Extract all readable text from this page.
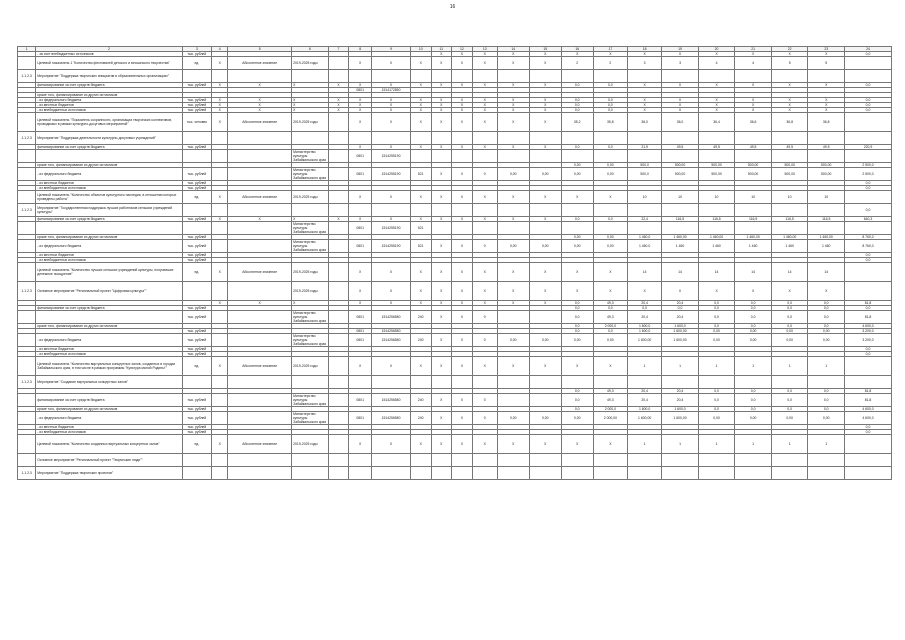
16
1	2	3	4	5	6	7	8	9	10	11	12	13	14	15	16	17	18	19	20	21	22	23	24
	- за счет внебюджетных источников	тыс. рублей								X	X	X	X	X	X	X	X	X	X	X	X	X	0,0
	Целевой показатель 1 "Количество фестивалей детского и юношеского творчества"	ед.	X	Абсолютное значение	2019-2025 годы		X	X	X	X	X	X	X	X	2	2	3	3	4	4	5	5	
1.1.2.3	Мероприятие "Поддержка творческих инициатив в образовательных организациях"																						
	финансирование за счет средств бюджета	тыс. рублей	X	X	X	X	X	X	X	X	X	X	X	X	0,0	0,0	X	X	X	X	X	X	0,0
							0801	1514172850															
	кроме того, финансирование из других источников																						
	- из федерального бюджета	тыс. рублей	X	X	X	X	X	X	X	X	X	X	X	X	0,0	0,0	X	X	X	X	X	X	0,0
	- из местных бюджетов	тыс. рублей	X	X	X	X	X	X	X	X	X	X	X	X	0,0	0,0	X	X	X	X	X	X	0,0
	- из внебюджетных источников	тыс. рублей	X	X	X	X	X	X	X	X	X	X	X	X	0,0	0,0	X	X	X	X	X	X	0,0
	Целевой показатель "Показатель сохранности, организации творческих коллективов, проводимых в рамках культурно-досуговых мероприятий"	тыс. человек	X	Абсолютное значение	2019-2025 годы		X	X	X	X	X	X	X	X	35,2	35,8	36,0	36,0	36,4	36,6	36,8	36,8	
1.1.2.3	Мероприятие "Поддержка деятельности культурно-досуговых учреждений"																						
	финансирование за счет средств бюджета	тыс. рублей					X	X	X	X	X	X	X	X	0,0	0,0	21,9	49,5	49,5	49,5	49,5	49,5	220,9
					Министерство культуры Забайкальского края		0801	1514255190															
	кроме того, финансирование из других источников														0,00	0,00	500,0	500,00	500,00	500,00	500,00	500,00	2 500,0
	- из федерального бюджета	тыс. рублей			Министерство культуры Забайкальского края		0801	1514255190	521	X	X	0	0,00	0,00	0,00	0,00	500,0	500,00	500,00	500,00	500,00	500,00	2 500,0
	- из местных бюджетов	тыс. рублей																					0,0
	- из внебюджетных источников	тыс. рублей																					0,0
	Целевой показатель "Количество объектов культурного наследия, в отношении которых проведены работы"	ед.	X	Абсолютное значение	2019-2025 годы		X	X	X	X	X	X	X	X	X	X	10	10	10	10	10	10	
1.1.2.3	Мероприятие "Государственная поддержка лучших работников сельских учреждений культуры"																						0,0
	финансирование за счет средств бюджета	тыс. рублей	X	X	X	X	X	X	X	X	X	X	X	X	0,0	0,0	22,4	116,5	116,5	116,5	116,5	116,5	640,3
					Министерство культуры Забайкальского края		0801	1514255190	521														
	кроме того, финансирование из других источников	тыс. рублей													0,00	0,00	1 460,0	1 460,00	1 460,00	1 460,00	1 460,00	1 460,00	8 760,0
	- из федерального бюджета	тыс. рублей			Министерство культуры Забайкальского края		0801	1514255190	521	X	X	0	0,00	0,00	0,00	0,00	1 460,0	1 460	1 460	1 460	1 460	1 460	8 760,0
	- из местных бюджетов	тыс. рублей																					0,0
	- из внебюджетных источников	тыс. рублей																					0,0
	Целевой показатель "Количество лучших сельских учреждений культуры, получивших денежное поощрение"	ед.	X	Абсолютное значение	2019-2025 годы		X	X	X	X	X	X	X	X	X	X	14	14	14	14	14	14	
1.1.2.3	Основное мероприятие "Региональный проект "Цифровая культура""				2019-2025 годы		X	X	X	X	X	X	X	X	X	X	X	X	X	X	X	X	
			X	X	X		X	X	X	X	X	X	X	X	0,0	49,3	20,4	20,4	0,0	0,0	0,0	0,0	81,8
	финансирование за счет средств бюджета	тыс. рублей													0,0	0,0	0,0	0,0	0,0	0,0	0,0	0,0	0,0
		тыс. рублей			Министерство культуры Забайкальского края		0801	1514256580	240	X	X	0			0,0	49,3	20,4	20,4	0,0	0,0	0,0	0,0	81,8
	кроме того, финансирование из других источников														0,0	2 000,0	1 600,0	1 600,0	0,0	0,0	0,0	0,0	4 600,0
		тыс. рублей					0801	1514256580							0,0	0,0	1 600,0	1 600,00	0,00	0,00	0,00	0,00	3 200,0
	- из федерального бюджета	тыс. рублей			Министерство культуры Забайкальского края		0801	1514256580	240	X	X	0	0,00	0,00	0,00	0,00	1 600,00	1 600,00	0,00	0,00	0,00	0,00	3 200,0
	- из местных бюджетов	тыс. рублей																					0,0
	- из внебюджетных источников	тыс. рублей																					0,0
	Целевой показатель "Количество виртуальных концертных залов, созданных в городах Забайкальского края, в том числе в рамках программы "Культура малой Родины""	ед.	X	Абсолютное значение	2019-2025 годы		X	X	X	X	X	X	X	X	X	X	1	1	1	1	1	1	
1.1.2.3	Мероприятие "Создание виртуальных концертных залов"																						
															0,0	49,3	20,4	20,4	0,0	0,0	0,0	0,0	81,8
	финансирование за счет средств бюджета	тыс. рублей			Министерство культуры Забайкальского края		0801	1514256580	240	X	X	0			0,0	49,3	20,4	20,4	0,0	0,0	0,0	0,0	81,8
	кроме того, финансирование из других источников	тыс. рублей													0,0	2 000,0	1 600,0	1 600,0	0,0	0,0	0,0	0,0	4 600,0
	- из федерального бюджета	тыс. рублей			Министерство культуры Забайкальского края		0801	1514256580	240	X	X	0	0,00	0,00	0,00	2 000,00	1 600,00	1 600,00	0,00	0,00	0,00	0,00	4 600,0
	- из местных бюджетов	тыс. рублей																					0,0
	- из внебюджетных источников	тыс. рублей																					0,0
	Целевой показатель "Количество созданных виртуальных концертных залов"	ед.	X	Абсолютное значение	2019-2025 годы		X	X	X	X	X	X	X	X	X	X	1	1	1	1	1	1	
	Основное мероприятие "Региональный проект "Творческие люди""																						
1.1.2.3	Мероприятие "Поддержка творческих проектов"																						
